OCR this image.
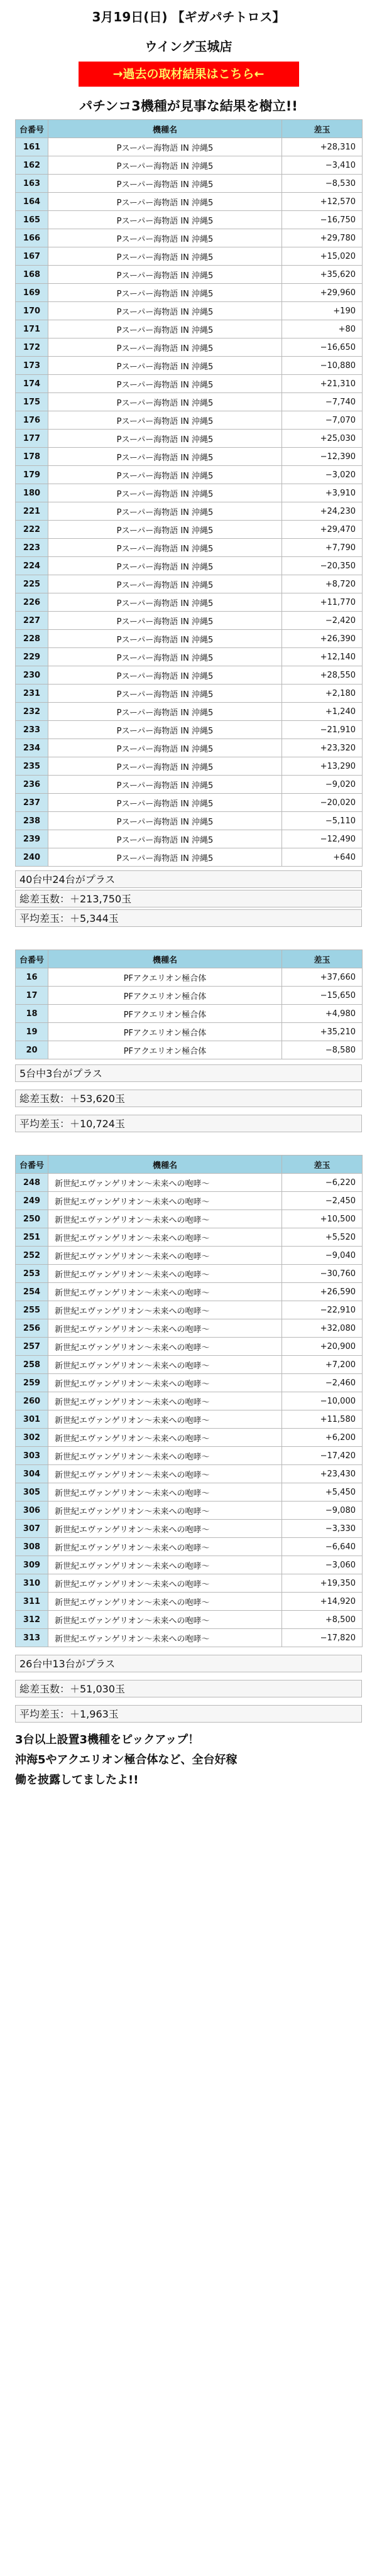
3月19日(日) 【ギガパチトロス】
ウイング玉城店
→過去の取材結果はこちら←
パチンコ3機種が見事な結果を樹立!!
台番号	機種名	差玉
161	Pスーパー海物語 IN 沖縄5	+28,310
162	Pスーパー海物語 IN 沖縄5	−3,410
163	Pスーパー海物語 IN 沖縄5	−8,530
164	Pスーパー海物語 IN 沖縄5	+12,570
165	Pスーパー海物語 IN 沖縄5	−16,750
166	Pスーパー海物語 IN 沖縄5	+29,780
167	Pスーパー海物語 IN 沖縄5	+15,020
168	Pスーパー海物語 IN 沖縄5	+35,620
169	Pスーパー海物語 IN 沖縄5	+29,960
170	Pスーパー海物語 IN 沖縄5	+190
171	Pスーパー海物語 IN 沖縄5	+80
172	Pスーパー海物語 IN 沖縄5	−16,650
173	Pスーパー海物語 IN 沖縄5	−10,880
174	Pスーパー海物語 IN 沖縄5	+21,310
175	Pスーパー海物語 IN 沖縄5	−7,740
176	Pスーパー海物語 IN 沖縄5	−7,070
177	Pスーパー海物語 IN 沖縄5	+25,030
178	Pスーパー海物語 IN 沖縄5	−12,390
179	Pスーパー海物語 IN 沖縄5	−3,020
180	Pスーパー海物語 IN 沖縄5	+3,910
221	Pスーパー海物語 IN 沖縄5	+24,230
222	Pスーパー海物語 IN 沖縄5	+29,470
223	Pスーパー海物語 IN 沖縄5	+7,790
224	Pスーパー海物語 IN 沖縄5	−20,350
225	Pスーパー海物語 IN 沖縄5	+8,720
226	Pスーパー海物語 IN 沖縄5	+11,770
227	Pスーパー海物語 IN 沖縄5	−2,420
228	Pスーパー海物語 IN 沖縄5	+26,390
229	Pスーパー海物語 IN 沖縄5	+12,140
230	Pスーパー海物語 IN 沖縄5	+28,550
231	Pスーパー海物語 IN 沖縄5	+2,180
232	Pスーパー海物語 IN 沖縄5	+1,240
233	Pスーパー海物語 IN 沖縄5	−21,910
234	Pスーパー海物語 IN 沖縄5	+23,320
235	Pスーパー海物語 IN 沖縄5	+13,290
236	Pスーパー海物語 IN 沖縄5	−9,020
237	Pスーパー海物語 IN 沖縄5	−20,020
238	Pスーパー海物語 IN 沖縄5	−5,110
239	Pスーパー海物語 IN 沖縄5	−12,490
240	Pスーパー海物語 IN 沖縄5	+640
40台中24台がプラス
総差玉数：＋213,750玉
平均差玉：＋5,344玉
台番号	機種名	差玉
16	PFアクエリオン極合体	+37,660
17	PFアクエリオン極合体	−15,650
18	PFアクエリオン極合体	+4,980
19	PFアクエリオン極合体	+35,210
20	PFアクエリオン極合体	−8,580
5台中3台がプラス
総差玉数：＋53,620玉
平均差玉：＋10,724玉
台番号	機種名	差玉
248	新世紀エヴァンゲリオン〜未来への咆哮〜	−6,220
249	新世紀エヴァンゲリオン〜未来への咆哮〜	−2,450
250	新世紀エヴァンゲリオン〜未来への咆哮〜	+10,500
251	新世紀エヴァンゲリオン〜未来への咆哮〜	+5,520
252	新世紀エヴァンゲリオン〜未来への咆哮〜	−9,040
253	新世紀エヴァンゲリオン〜未来への咆哮〜	−30,760
254	新世紀エヴァンゲリオン〜未来への咆哮〜	+26,590
255	新世紀エヴァンゲリオン〜未来への咆哮〜	−22,910
256	新世紀エヴァンゲリオン〜未来への咆哮〜	+32,080
257	新世紀エヴァンゲリオン〜未来への咆哮〜	+20,900
258	新世紀エヴァンゲリオン〜未来への咆哮〜	+7,200
259	新世紀エヴァンゲリオン〜未来への咆哮〜	−2,460
260	新世紀エヴァンゲリオン〜未来への咆哮〜	−10,000
301	新世紀エヴァンゲリオン〜未来への咆哮〜	+11,580
302	新世紀エヴァンゲリオン〜未来への咆哮〜	+6,200
303	新世紀エヴァンゲリオン〜未来への咆哮〜	−17,420
304	新世紀エヴァンゲリオン〜未来への咆哮〜	+23,430
305	新世紀エヴァンゲリオン〜未来への咆哮〜	+5,450
306	新世紀エヴァンゲリオン〜未来への咆哮〜	−9,080
307	新世紀エヴァンゲリオン〜未来への咆哮〜	−3,330
308	新世紀エヴァンゲリオン〜未来への咆哮〜	−6,640
309	新世紀エヴァンゲリオン〜未来への咆哮〜	−3,060
310	新世紀エヴァンゲリオン〜未来への咆哮〜	+19,350
311	新世紀エヴァンゲリオン〜未来への咆哮〜	+14,920
312	新世紀エヴァンゲリオン〜未来への咆哮〜	+8,500
313	新世紀エヴァンゲリオン〜未来への咆哮〜	−17,820
26台中13台がプラス
総差玉数：＋51,030玉
平均差玉：＋1,963玉
3台以上設置3機種をピックアップ！
沖海5やアクエリオン極合体など、全台好稼
働を披露してましたよ!!
